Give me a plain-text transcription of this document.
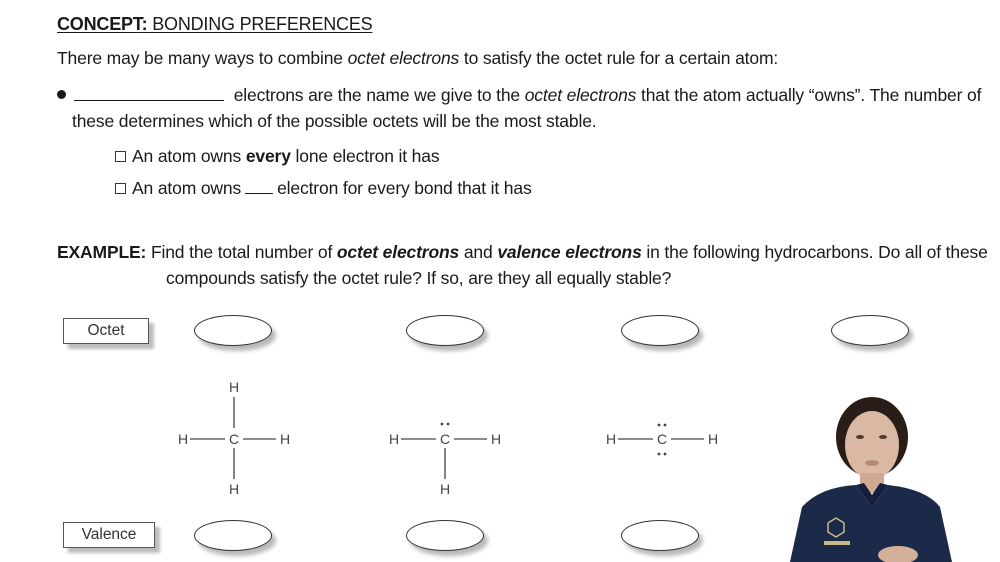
CONCEPT: BONDING PREFERENCES
There may be many ways to combine octet electrons to satisfy the octet rule for a certain atom:
electrons are the name we give to the octet electrons that the atom actually “owns”. The number of
these determines which of the possible octets will be the most stable.
An atom owns every lone electron it has
An atom owns electron for every bond that it has
EXAMPLE: Find the total number of octet electrons and valence electrons in the following hydrocarbons. Do all of these
compounds satisfy the octet rule? If so, are they all equally stable?
Octet
Valence
H
H	C	H
H
H	C	H
H
H	C	H
